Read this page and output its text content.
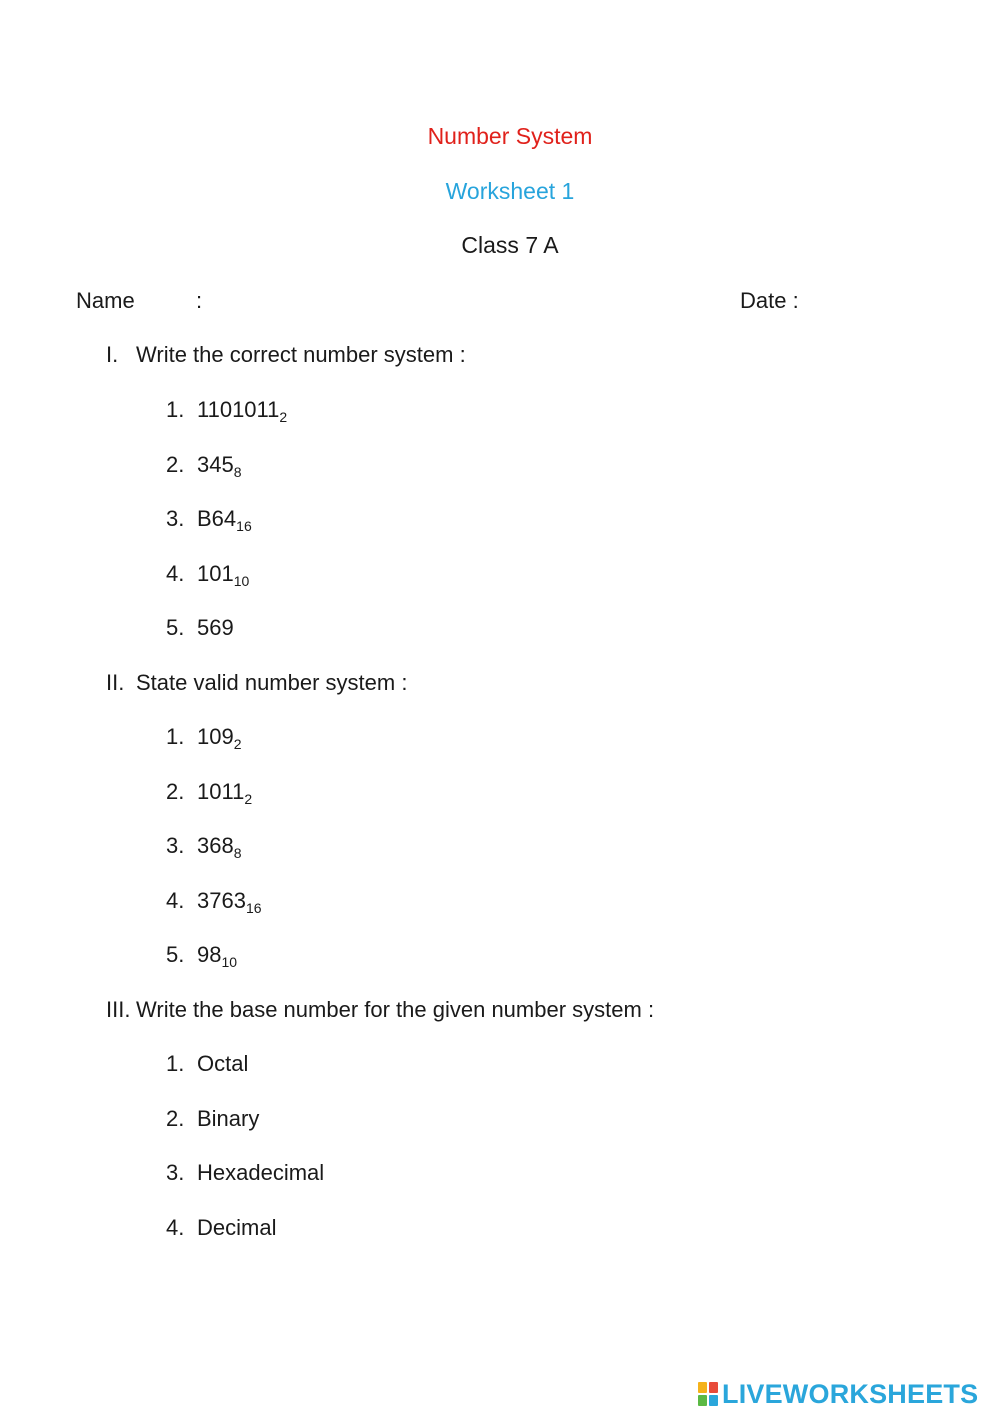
Number System
Worksheet 1
Class 7 A
Name	:	Date :
I. Write the correct number system :
1. $1101011_2$
2. $345_8$
3. $B64_{16}$
4. $101_{10}$
5. 569
II. State valid number system :
1. $109_2$
2. $1011_2$
3. $368_8$
4. $3763_{16}$
5. $98_{10}$
III. Write the base number for the given number system :
1. Octal
2. Binary
3. Hexadecimal
4. Decimal
LIVEWORKSHEETS
